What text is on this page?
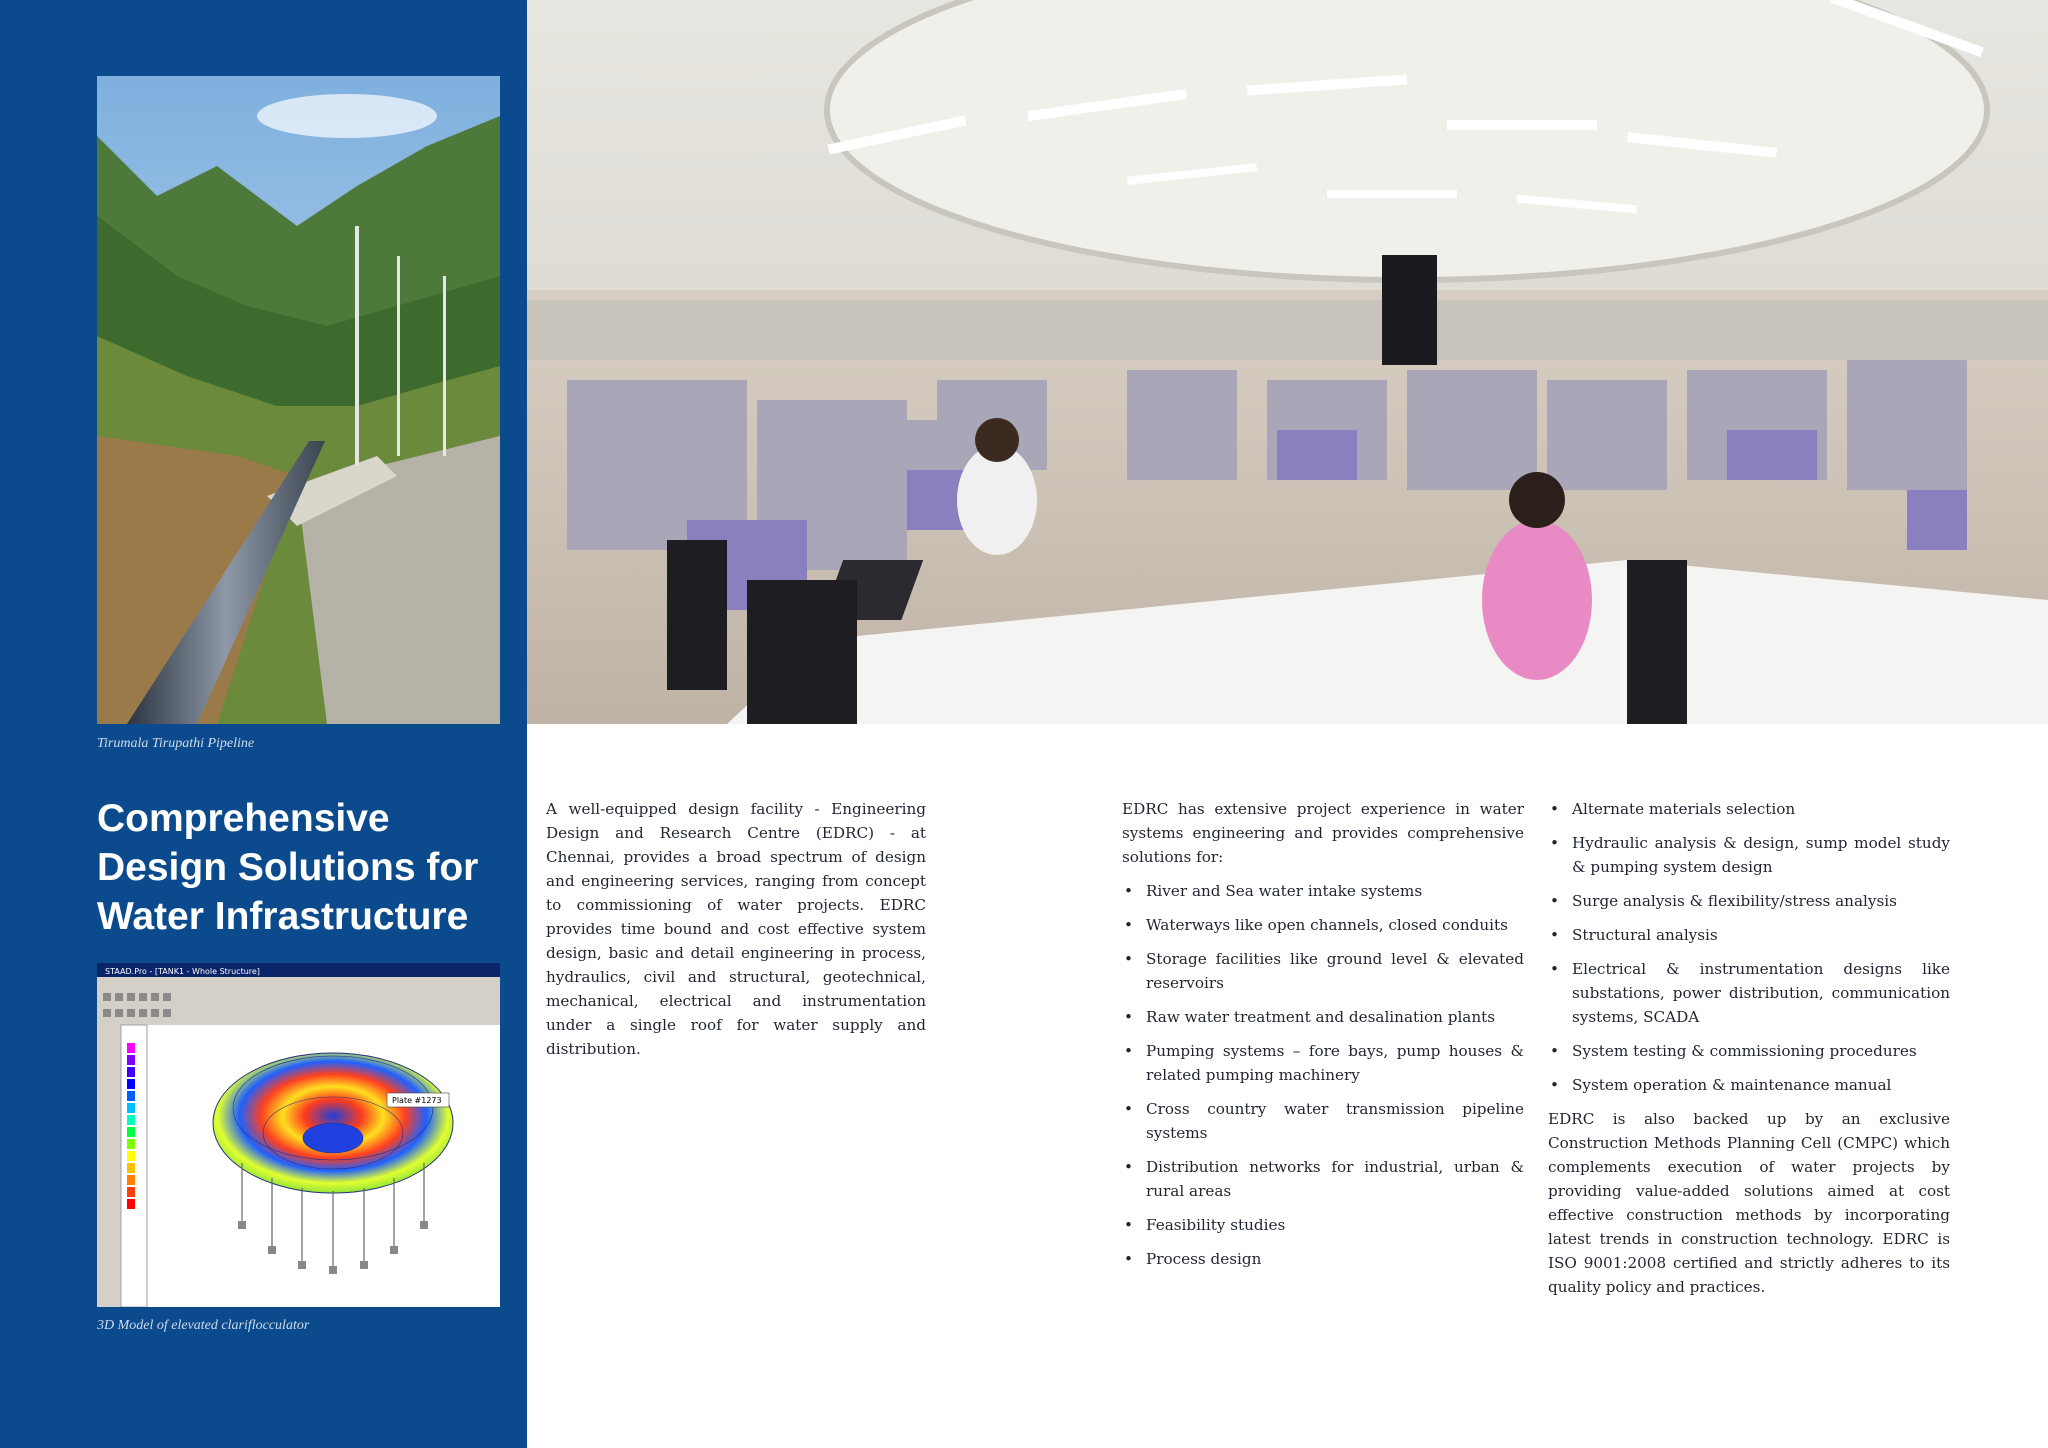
Tirumala Tirupathi Pipeline
Comprehensive Design Solutions for Water Infrastructure
STAAD.Pro - [TANK1 - Whole Structure]
Plate #1273
3D Model of elevated clariflocculator

A well-equipped design facility - Engineering Design and Research Centre (EDRC) - at Chennai, provides a broad spectrum of design and engineering services, ranging from concept to commissioning of water projects. EDRC provides time bound and cost effective system design, basic and detail engineering in process, hydraulics, civil and structural, geotechnical, mechanical, electrical and instrumentation under a single roof for water supply and distribution.

EDRC has extensive project experience in water systems engineering and provides comprehensive solutions for:

• River and Sea water intake systems
• Waterways like open channels, closed conduits
• Storage facilities like ground level & elevated reservoirs
• Raw water treatment and desalination plants
• Pumping systems – fore bays, pump houses & related pumping machinery
• Cross country water transmission pipeline systems
• Distribution networks for industrial, urban & rural areas
• Feasibility studies
• Process design
• Alternate materials selection
• Hydraulic analysis & design, sump model study & pumping system design
• Surge analysis & flexibility/stress analysis
• Structural analysis
• Electrical & instrumentation designs like substations, power distribution, communication systems, SCADA
• System testing & commissioning procedures
• System operation & maintenance manual

EDRC is also backed up by an exclusive Construction Methods Planning Cell (CMPC) which complements execution of water projects by providing value-added solutions aimed at cost effective construction methods by incorporating latest trends in construction technology. EDRC is ISO 9001:2008 certified and strictly adheres to its quality policy and practices.
